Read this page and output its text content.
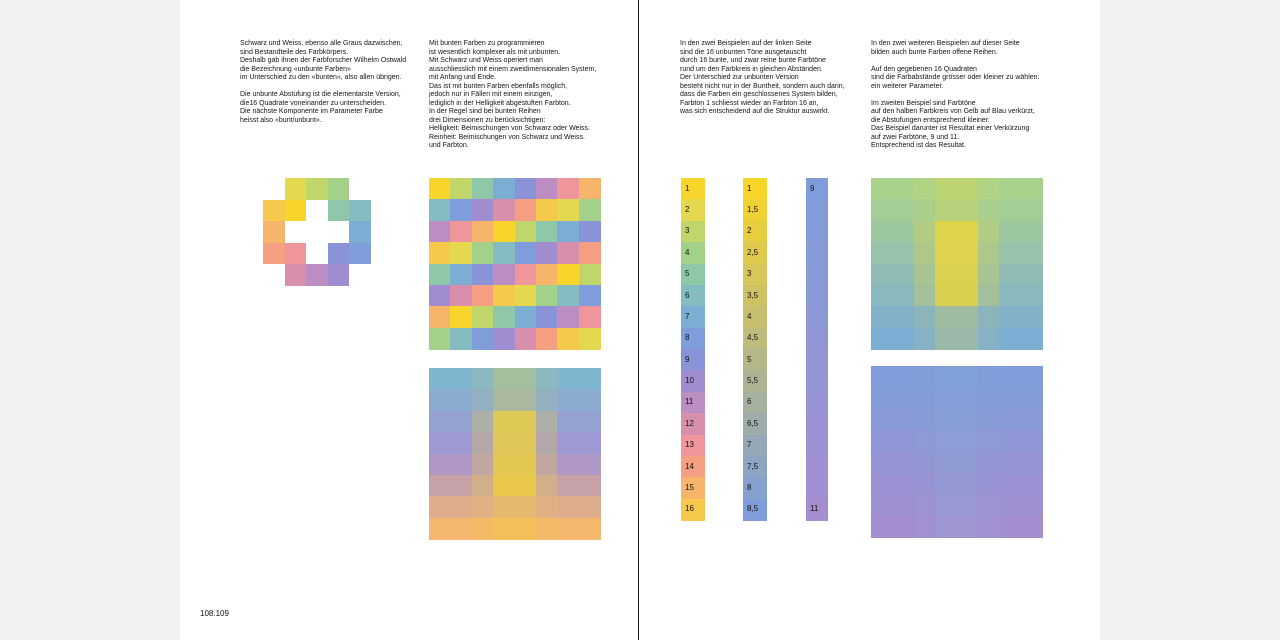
Schwarz und Weiss, ebenso alle Graus dazwischen,
sind Bestandteile des Farbkörpers.
Deshalb gab ihnen der Farbforscher Wilhelm Ostwald
die Bezeichnung «unbunte Farben»
im Unterschied zu den «bunten», also allen übrigen.

Die unbunte Abstufung ist die elementarste Version,
die16 Quadrate voneinander zu unterscheiden.
Die nächste Komponente im Parameter Farbe
heisst also «bunt/unbunt».
Mit bunten Farben zu programmieren
ist wesentlich komplexer als mit unbunten.
Mit Schwarz und Weiss operiert man
ausschliesslich mit einem zweidimensionalen System,
mit Anfang und Ende.
Das ist mit bunten Farben ebenfalls möglich,
jedoch nur in Fällen mit einem einzigen,
lediglich in der Helligkeit abgestuften Farbton.
In der Regel sind bei bunten Reihen
drei Dimensionen zu berücksichtigen:
Helligkeit: Beimischungen von Schwarz oder Weiss.
Reinheit: Beimischungen von Schwarz und Weiss.
und Farbton.
In den zwei Beispielen auf der linken Seite
sind die 16 unbunten Töne ausgetauscht
durch 16 bunte, und zwar reine bunte Farbtöne
rund um den Farbkreis in gleichen Abständen.
Der Unterschied zur unbunten Version
besteht nicht nur in der Buntheit, sondern auch darin,
dass die Farben ein geschlossenes System bilden,
Farbton 1 schliesst wieder an Farbton 16 an,
was sich entscheidend auf die Struktur auswirkt.
In den zwei weiteren Beispielen auf dieser Seite
bilden auch bunte Farben offene Reihen.

Auf den gegebenen 16 Quadraten
sind die Farbabstände grösser oder kleiner zu wählen:
ein weiterer Parameter.

Im zweiten Beispiel sind Farbtöne
auf den halben Farbkreis von Gelb auf Blau verkürzt,
die Abstufungen entsprechend kleiner.
Das Beispiel darunter ist Resultat einer Verkürzung
auf zwei Farbtöne, 9 und 11.
Entsprechend ist das Resultat.
108.109
1
2
3
4
5
6
7
8
9
10
11
12
13
14
15
16
1
1,5
2
2,5
3
3,5
4
4,5
5
5,5
6
6,5
7
7,5
8
8,5
9
11
